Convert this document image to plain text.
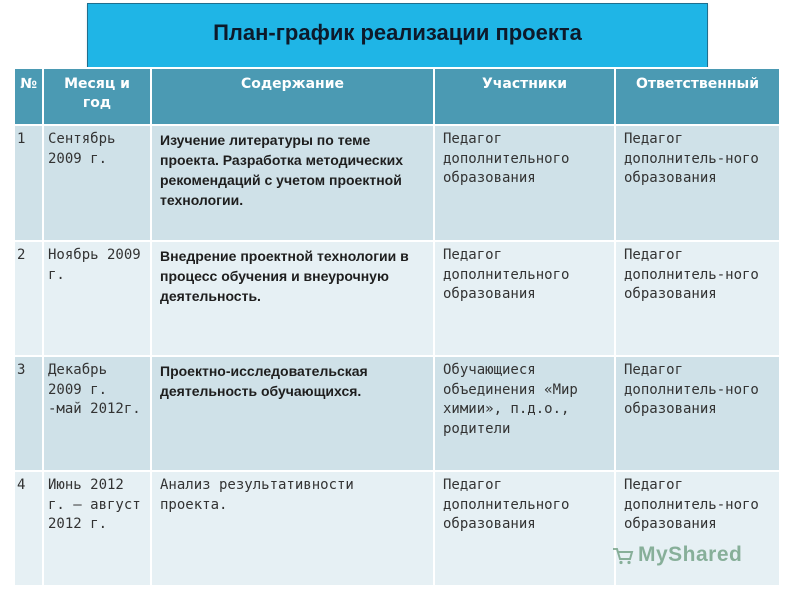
План-график реализации проекта
№	Месяц и год	Содержание	Участники	Ответственный
1	Сентябрь 2009 г.	Изучение литературы по теме проекта. Разработка методических рекомендаций с учетом проектной технологии.	Педагог дополнительного образования	Педагог дополнитель-ного образования
2	Ноябрь 2009 г.	Внедрение проектной технологии в процесс обучения и внеурочную деятельность.	Педагог дополнительного образования	Педагог дополнитель-ного образования
3	Декабрь 2009 г. -май 2012г.	Проектно-исследовательская деятельность обучающихся.	Обучающиеся объединения «Мир химии», п.д.о., родители	Педагог дополнитель-ного образования
4	Июнь 2012 г. – август 2012 г.	Анализ результативности проекта.	Педагог дополнительного образования	Педагог дополнитель-ного образования
MyShared
